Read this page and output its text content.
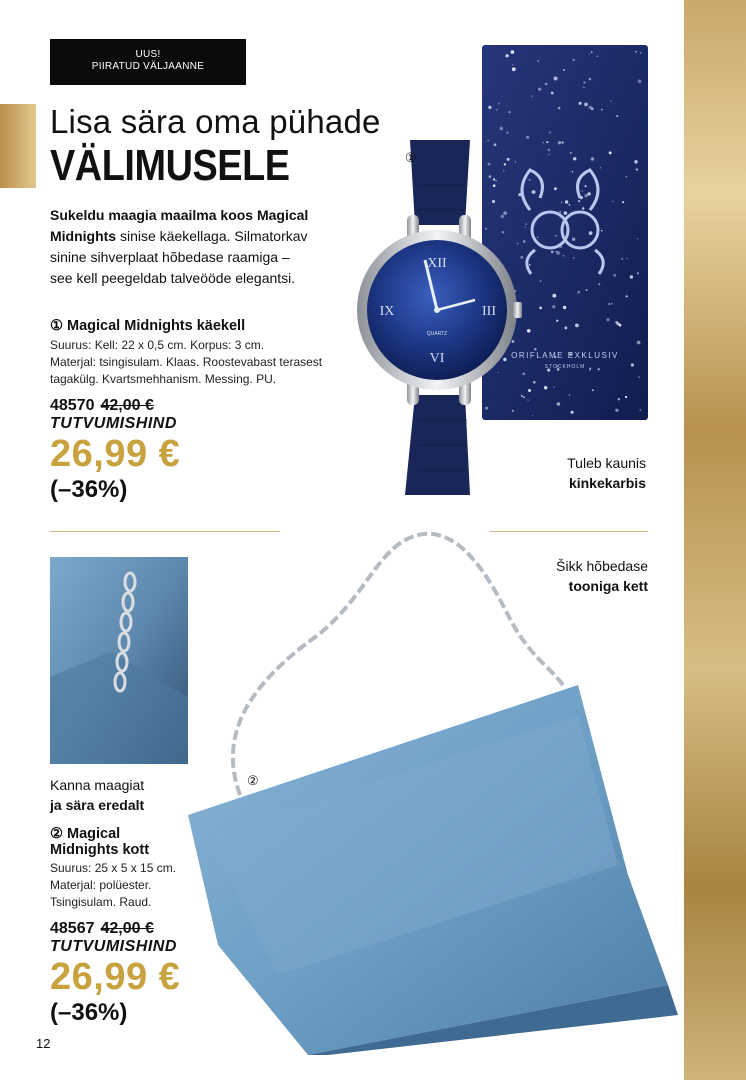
UUS!
PIIRATUD VÄLJAANNE
Lisa sära oma pühade
VÄLIMUSELE
Sukeldu maagia maailma koos Magical
Midnights sinise käekellaga. Silmatorkav
sinine sihverplaat hõbedase raamiga –
see kell peegeldab talveööde elegantsi.
ORIFLAME EXKLUSIV
STOCKHOLM
XII
III
VI
IX
QUARTZ
①
① Magical Midnights käekell
Suurus: Kell: 22 x 0,5 cm. Korpus: 3 cm.
Materjal: tsingisulam. Klaas. Roostevabast terasest
tagakülg. Kvartsmehhanism. Messing. PU.
48570 42,00 €
TUTVUMISHIND
26,99 €
(–36%)
Tuleb kaunis
kinkekarbis
Šikk hõbedase
tooniga kett
Kanna maagiat
ja sära eredalt
②
② Magical
Midnights kott
Suurus: 25 x 5 x 15 cm.
Materjal: polüester.
Tsingisulam. Raud.
48567 42,00 €
TUTVUMISHIND
26,99 €
(–36%)
12
